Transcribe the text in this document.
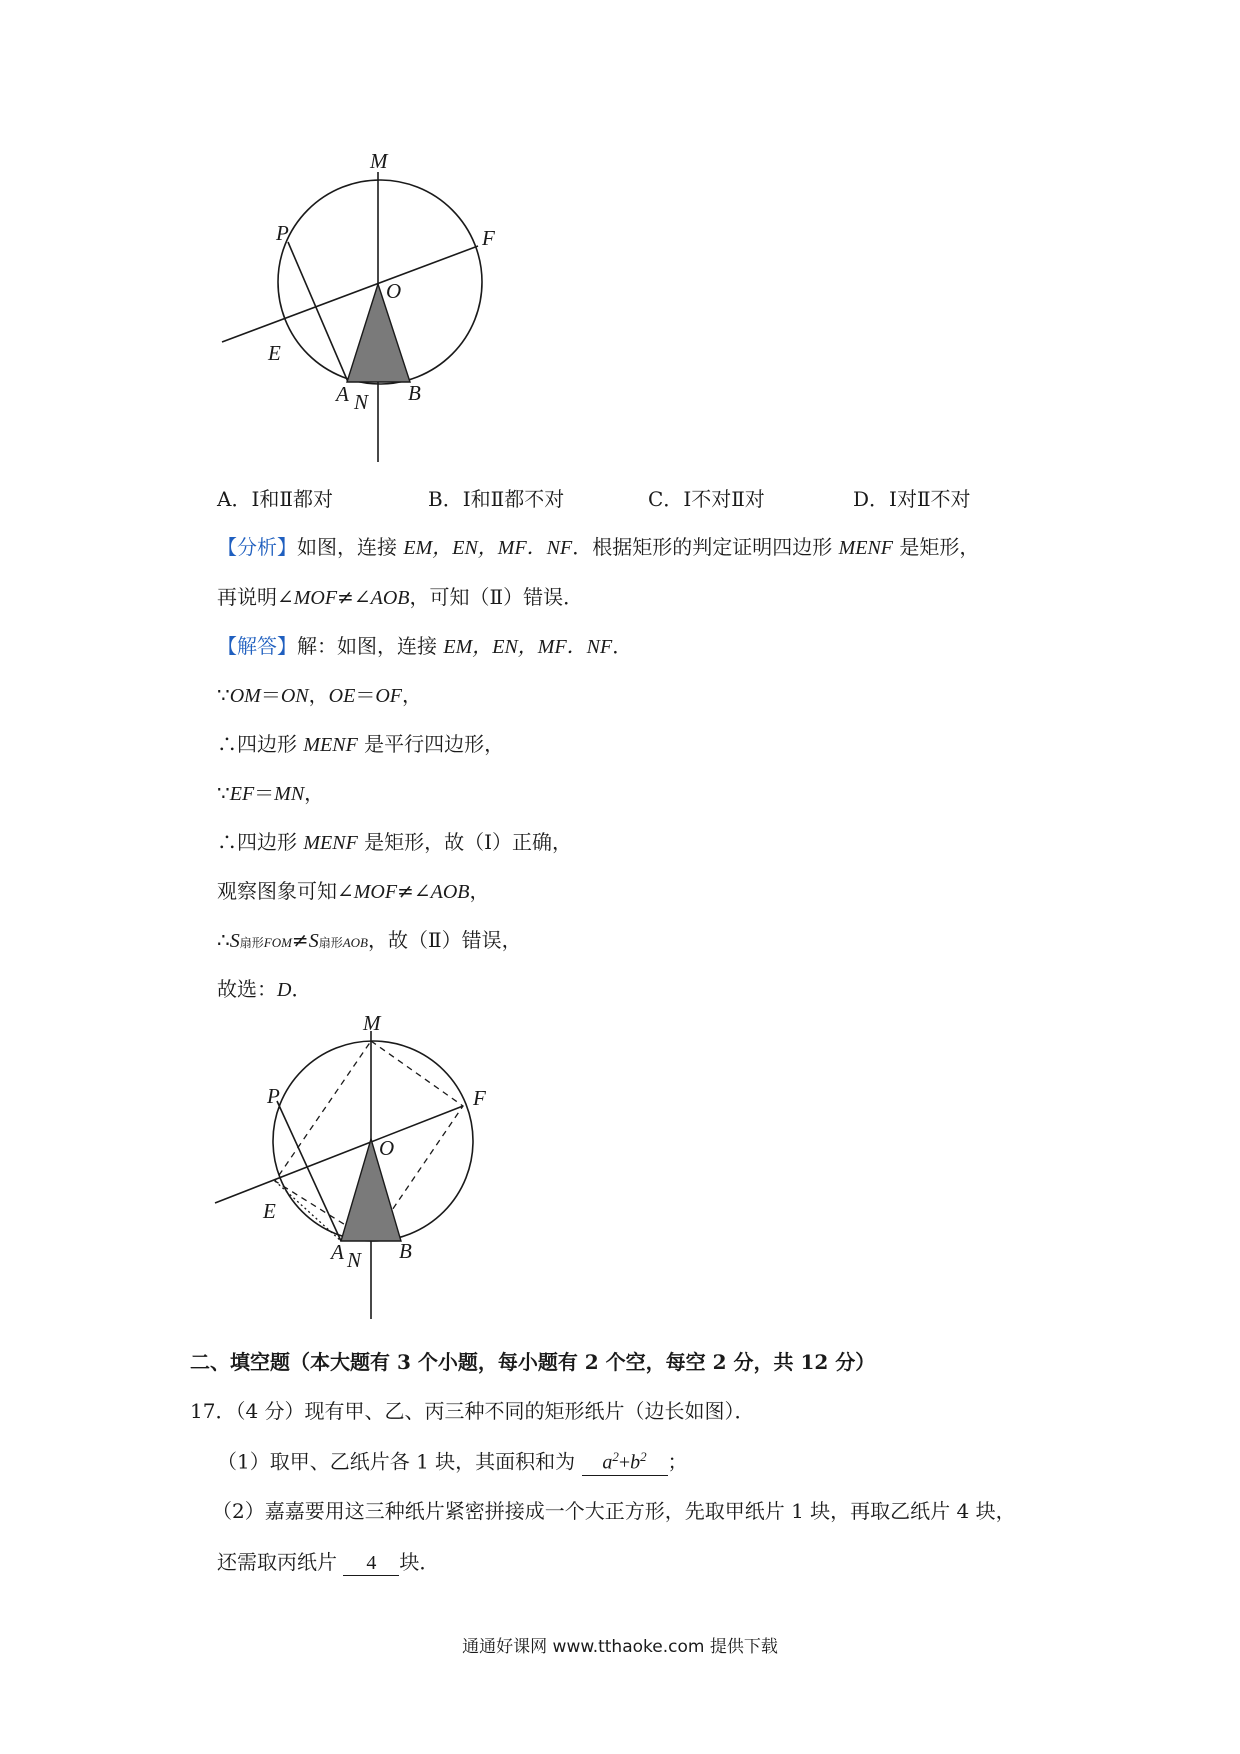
M
P	F
O
E
A N B
A．Ⅰ和Ⅱ都对	B．Ⅰ和Ⅱ都不对	C．Ⅰ不对Ⅱ对	D．Ⅰ对Ⅱ不对
【分析】如图，连接 EM，EN，MF．NF．根据矩形的判定证明四边形 MENF 是矩形，
再说明∠MOF≠∠AOB，可知（Ⅱ）错误．
【解答】解：如图，连接 EM，EN，MF．NF．
∵OM＝ON，OE＝OF，
∴四边形 MENF 是平行四边形，
∵EF＝MN，
∴四边形 MENF 是矩形，故（Ⅰ）正确，
观察图象可知∠MOF≠∠AOB，
∴S扇形FOM≠S扇形AOB，故（Ⅱ）错误，
故选：D．
M
P	F
O
E
A N B
二、填空题（本大题有 3 个小题，每小题有 2 个空，每空 2 分，共 12 分）
17．（4 分）现有甲、乙、丙三种不同的矩形纸片（边长如图）．
（1）取甲、乙纸片各 1 块，其面积和为 $a^2+b^2$ ；
（2）嘉嘉要用这三种纸片紧密拼接成一个大正方形，先取甲纸片 1 块，再取乙纸片 4 块，
还需取丙纸片 4 块．
通通好课网 www.tthaoke.com 提供下载
